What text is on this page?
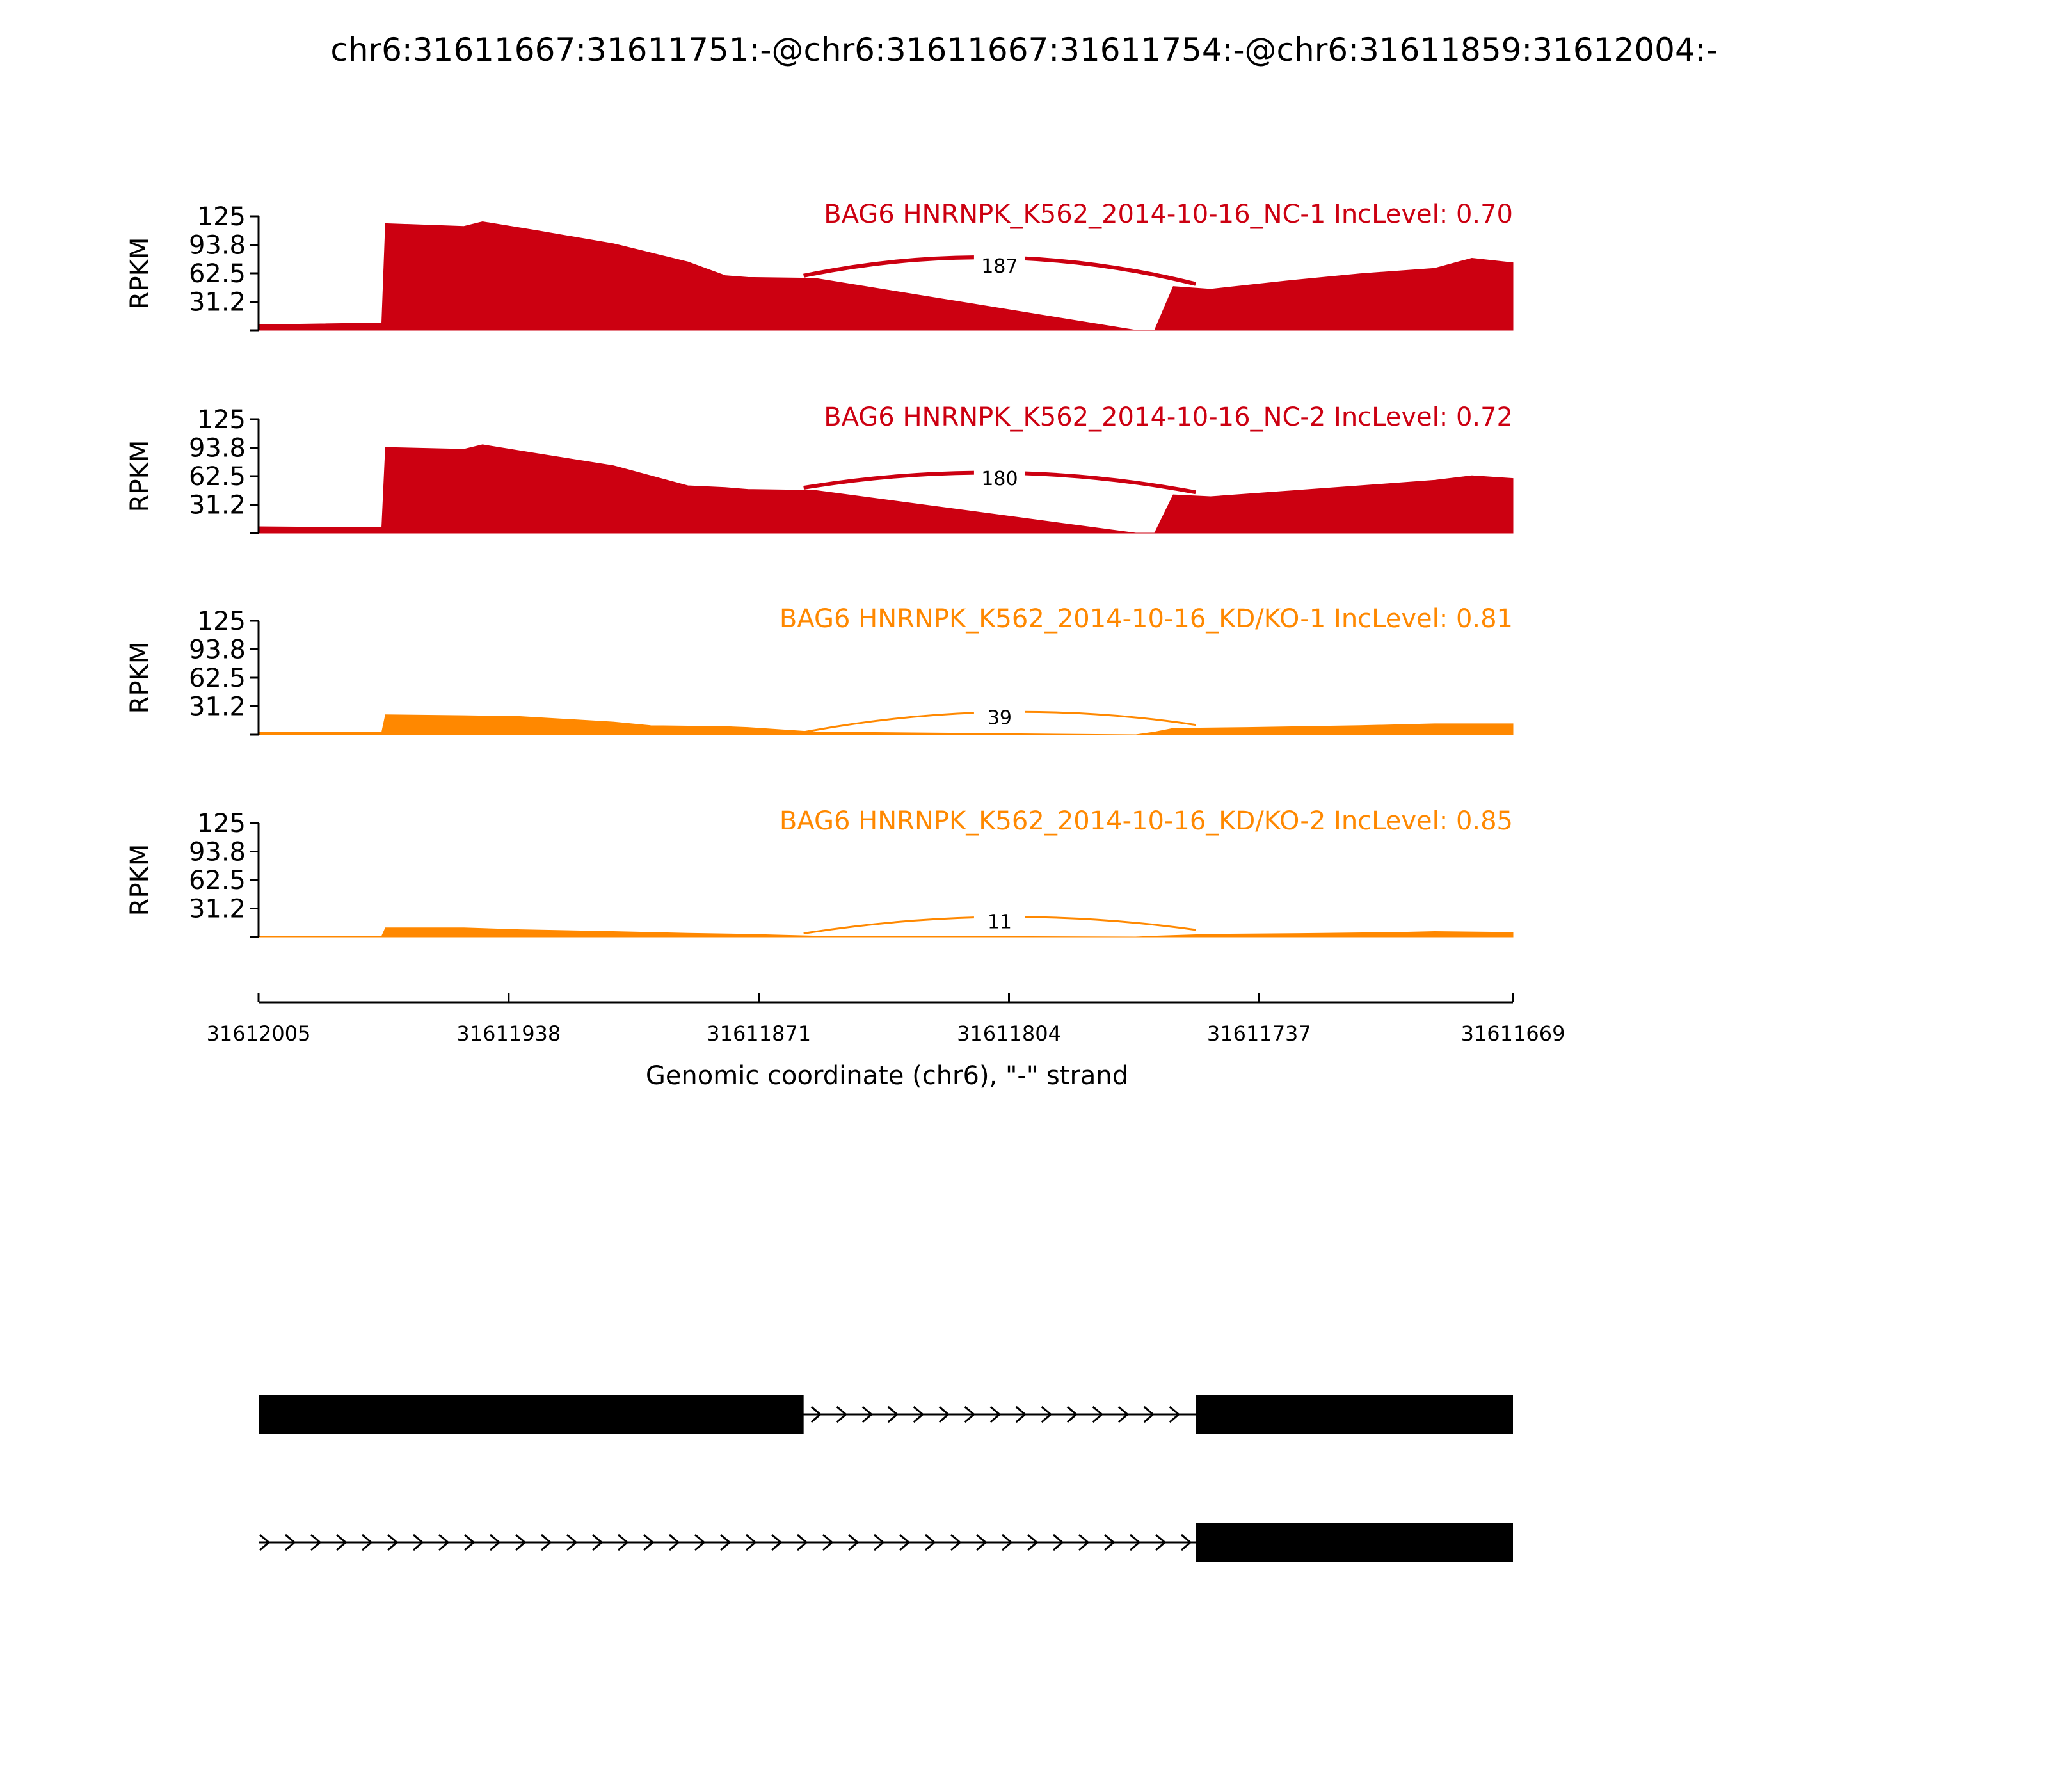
chr6:31611667:31611751:-@chr6:31611667:31611754:-@chr6:31611859:31612004:-
125
93.8
62.5
31.2
RPKM
BAG6 HNRNPK_K562_2014-10-16_NC-1 IncLevel: 0.70
187
125
93.8
62.5
31.2
RPKM
BAG6 HNRNPK_K562_2014-10-16_NC-2 IncLevel: 0.72
180
125
93.8
62.5
31.2
RPKM
BAG6 HNRNPK_K562_2014-10-16_KD/KO-1 IncLevel: 0.81
39
125
93.8
62.5
31.2
RPKM
BAG6 HNRNPK_K562_2014-10-16_KD/KO-2 IncLevel: 0.85
11
31612005	31611938	31611871	31611804	31611737	31611669
Genomic coordinate (chr6), "-" strand
